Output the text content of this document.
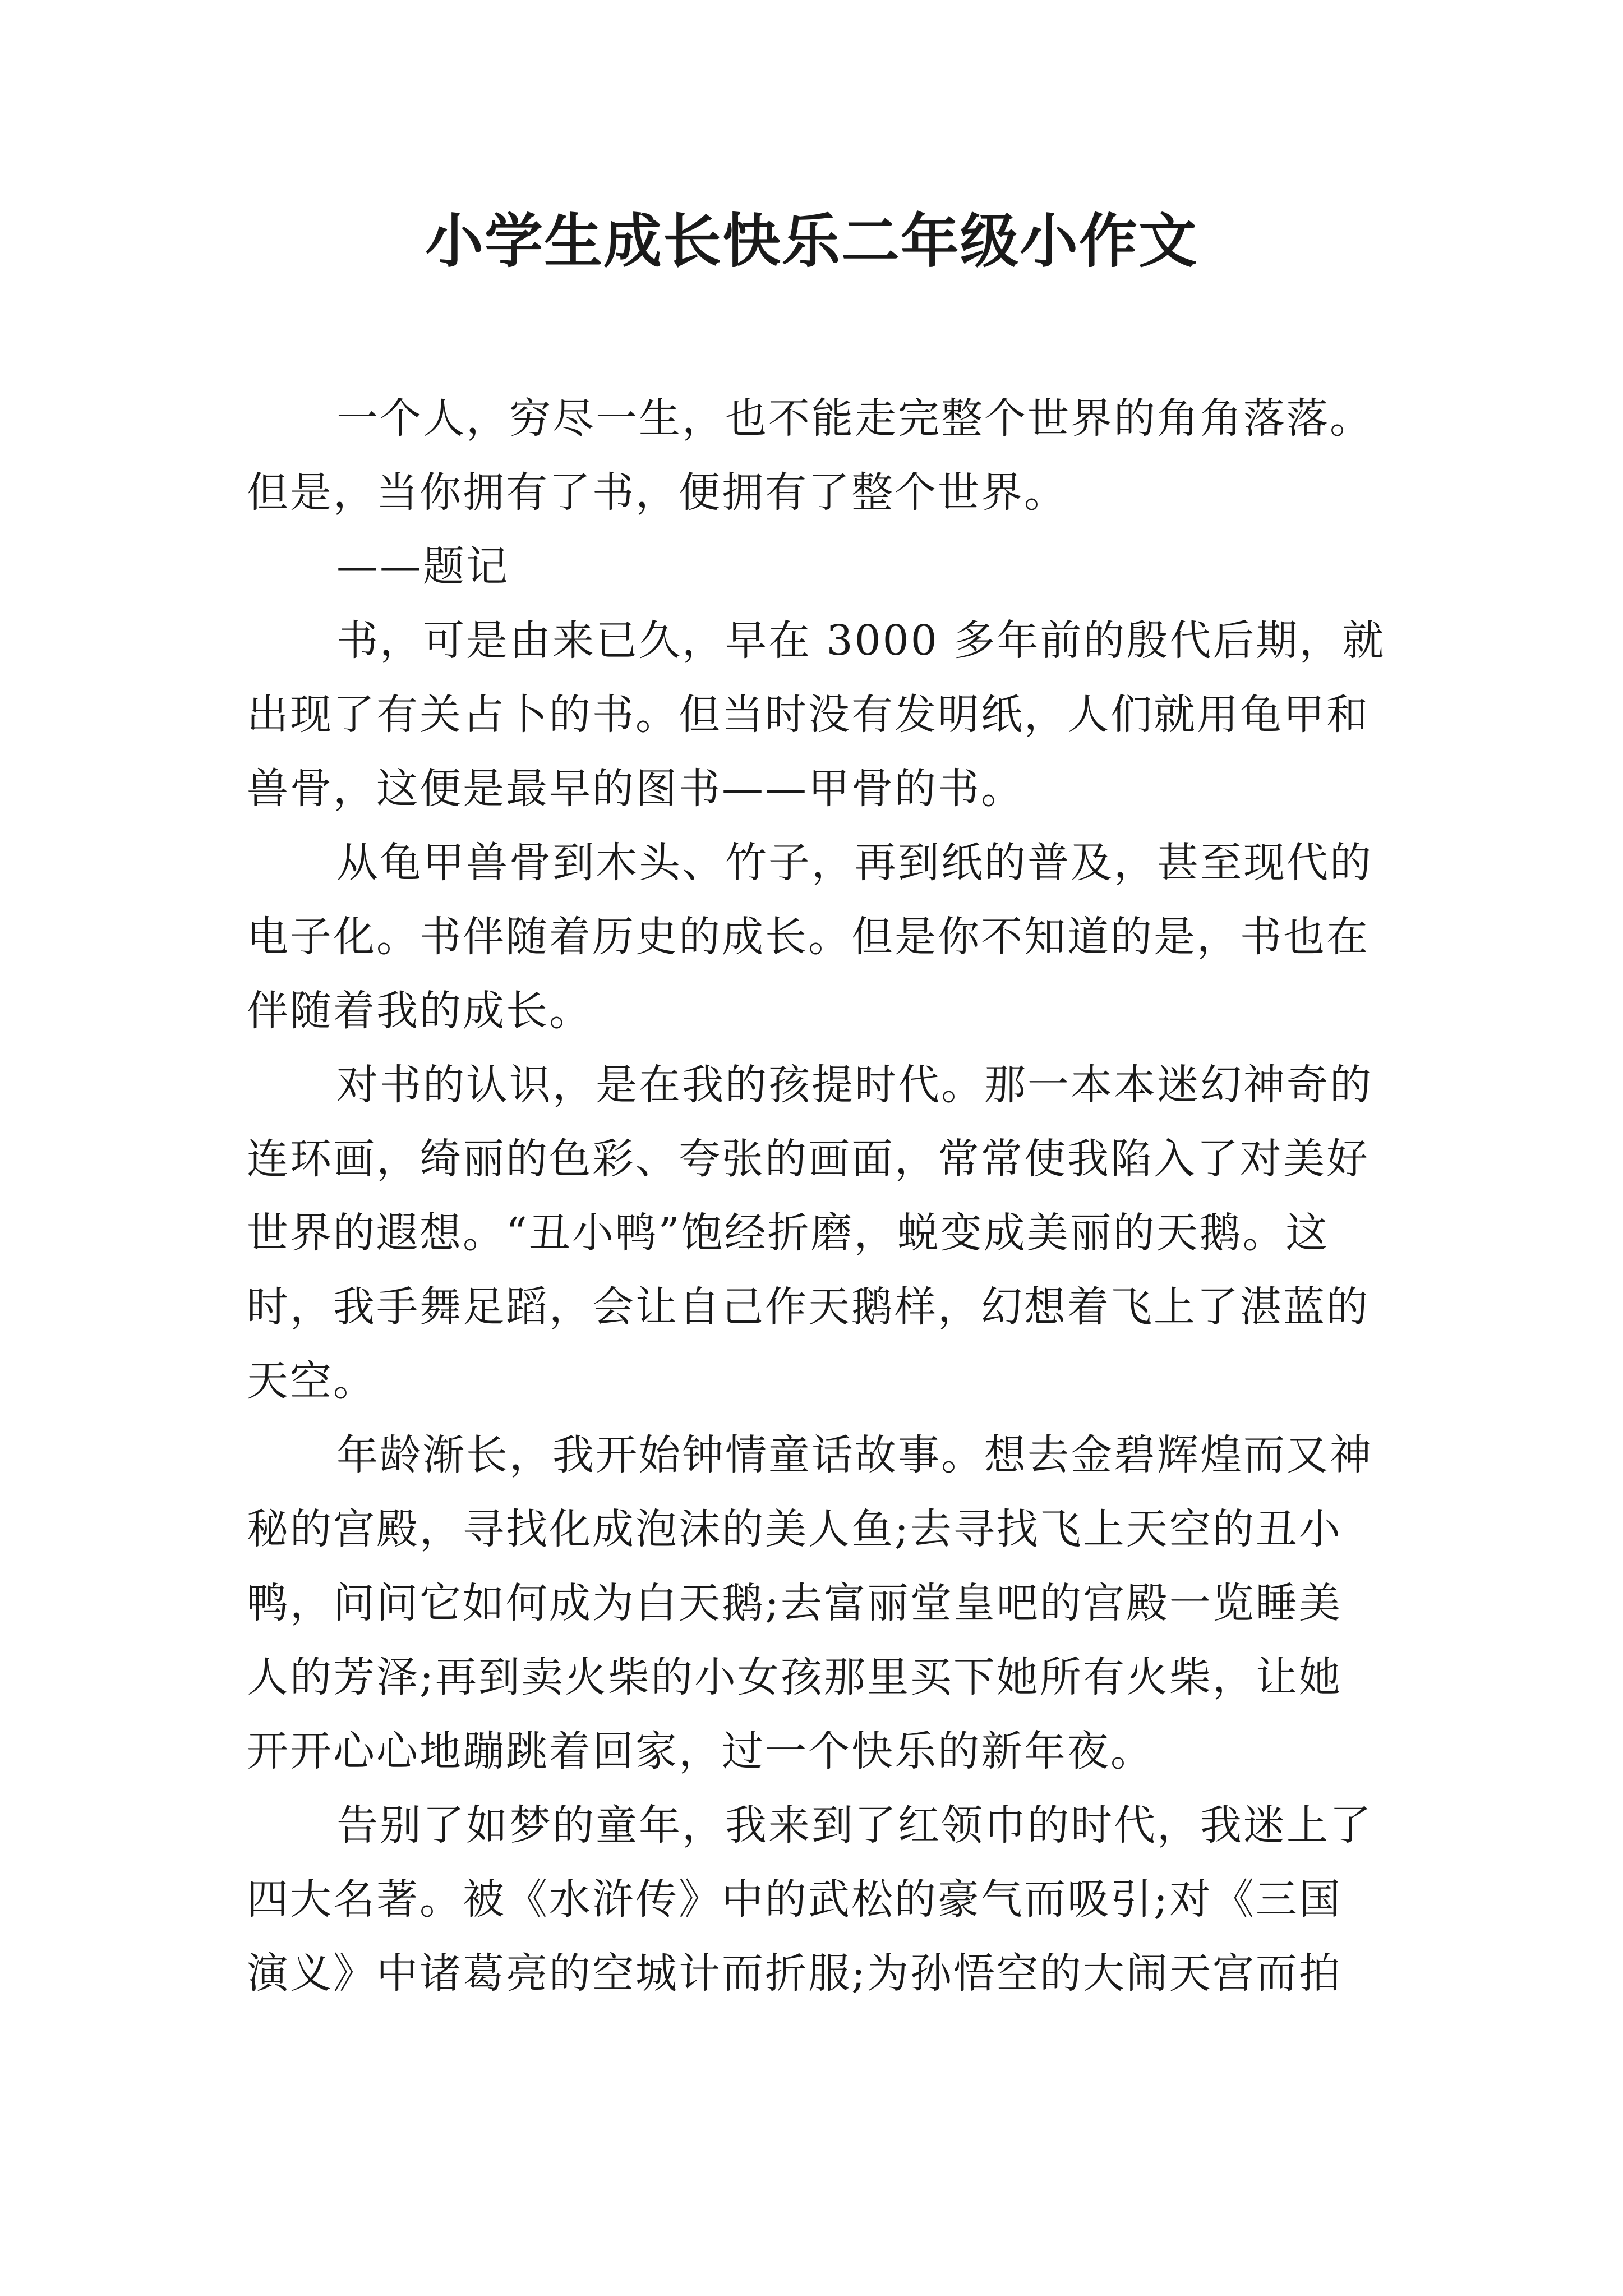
小学生成长快乐二年级小作文
一个人，穷尽一生，也不能走完整个世界的角角落落。
但是，当你拥有了书，便拥有了整个世界。
——题记
书，可是由来已久，早在 3000 多年前的殷代后期，就
出现了有关占卜的书。但当时没有发明纸，人们就用龟甲和
兽骨，这便是最早的图书——甲骨的书。
从龟甲兽骨到木头、竹子，再到纸的普及，甚至现代的
电子化。书伴随着历史的成长。但是你不知道的是，书也在
伴随着我的成长。
对书的认识，是在我的孩提时代。那一本本迷幻神奇的
连环画，绮丽的色彩、夸张的画面，常常使我陷入了对美好
世界的遐想。“丑小鸭”饱经折磨，蜕变成美丽的天鹅。这
时，我手舞足蹈，会让自己作天鹅样，幻想着飞上了湛蓝的
天空。
年龄渐长，我开始钟情童话故事。想去金碧辉煌而又神
秘的宫殿，寻找化成泡沫的美人鱼;去寻找飞上天空的丑小
鸭，问问它如何成为白天鹅;去富丽堂皇吧的宫殿一览睡美
人的芳泽;再到卖火柴的小女孩那里买下她所有火柴，让她
开开心心地蹦跳着回家，过一个快乐的新年夜。
告别了如梦的童年，我来到了红领巾的时代，我迷上了
四大名著。被《水浒传》中的武松的豪气而吸引;对《三国
演义》中诸葛亮的空城计而折服;为孙悟空的大闹天宫而拍
